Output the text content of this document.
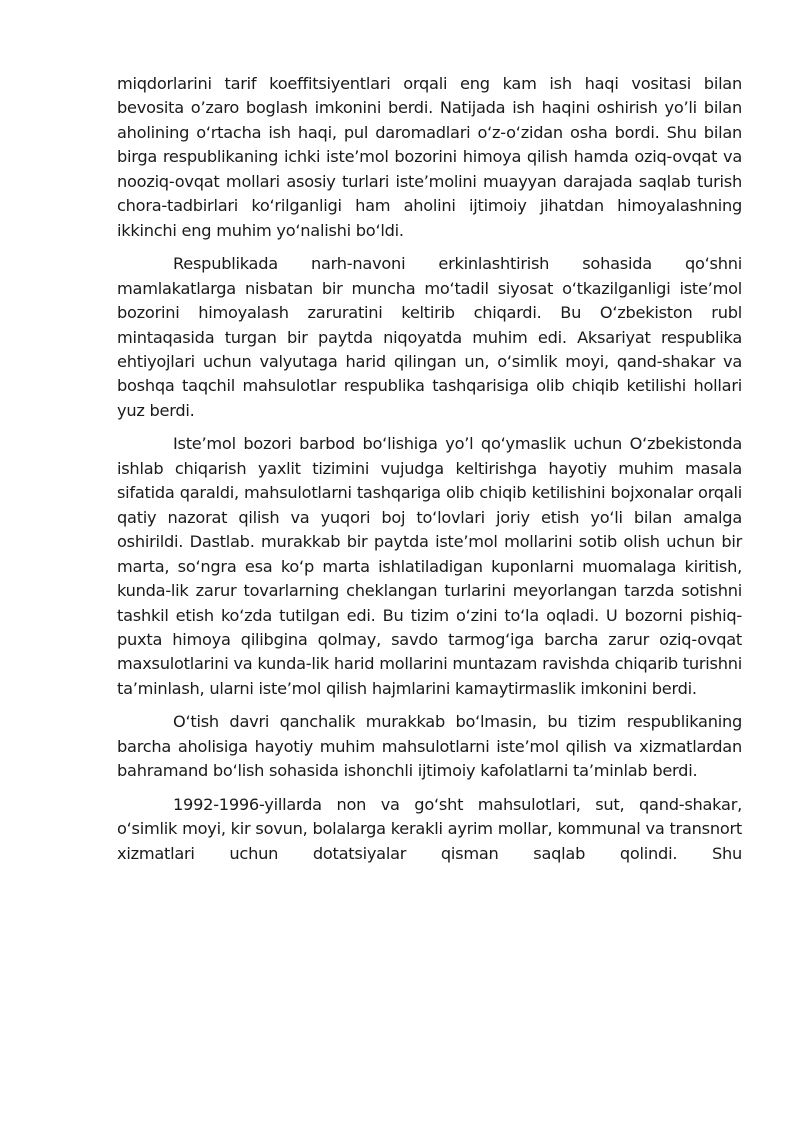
miqdorlarini tarif koeffitsiyentlari orqali eng kam ish haqi vositasi bilan bevosita o’zaro boglash imkonini berdi. Natijada ish haqini oshirish yo’li bilan aholining o‘rtacha ish haqi, pul daromadlari o‘z-o‘zidan osha bordi. Shu bilan birga respublikaning ichki iste’mol bozorini himoya qilish hamda oziq-ovqat va nooziq-ovqat mollari asosiy turlari iste’molini muayyan darajada saqlab turish chora-tadbirlari ko‘rilganligi ham aholini ijtimoiy jihatdan himoyalashning ikkinchi eng muhim yo‘nalishi bo‘ldi.

Respublikada narh-navoni erkinlashtirish sohasida qo‘shni mamlakatlarga nisbatan bir muncha mo‘tadil siyosat o‘tkazilganligi iste’mol bozorini himoyalash zaruratini keltirib chiqardi. Bu O‘zbekiston rubl mintaqasida turgan bir paytda niqoyatda muhim edi. Aksariyat respublika ehtiyojlari uchun valyutaga harid qilingan un, o‘simlik moyi, qand-shakar va boshqa taqchil mahsulotlar respublika tashqarisiga olib chiqib ketilishi hollari yuz berdi.

Iste’mol bozori barbod bo‘lishiga yo’l qo‘ymaslik uchun O‘zbekistonda ishlab chiqarish yaxlit tizimini vujudga keltirishga hayotiy muhim masala sifatida qaraldi, mahsulotlarni tashqariga olib chiqib ketilishini bojxonalar orqali qatiy nazorat qilish va yuqori boj to‘lovlari joriy etish yo‘li bilan amalga oshirildi. Dastlab. murakkab bir paytda iste’mol mollarini sotib olish uchun bir marta, so‘ngra esa ko‘p marta ishlatiladigan kuponlarni muomalaga kiritish, kunda-lik zarur tovarlarning cheklangan turlarini meyorlangan tarzda sotishni tashkil etish ko‘zda tutilgan edi. Bu tizim o‘zini to‘la oqladi. U bozorni pishiq-puxta himoya qilibgina qolmay, savdo tarmog‘iga barcha zarur oziq-ovqat maxsulotlarini va kunda-lik harid mollarini muntazam ravishda chiqarib turishni ta’minlash, ularni iste’mol qilish hajmlarini kamaytirmaslik imkonini berdi.

O‘tish davri qanchalik murakkab bo‘lmasin, bu tizim respublikaning barcha aholisiga hayotiy muhim mahsulotlarni iste’mol qilish va xizmatlardan bahramand bo‘lish sohasida ishonchli ijtimoiy kafolatlarni ta’minlab berdi.

1992-1996-yillarda non va go‘sht mahsulotlari, sut, qand-shakar, o‘simlik moyi, kir sovun, bolalarga kerakli ayrim mollar, kommunal va transnort xizmatlari uchun dotatsiyalar qisman saqlab qolindi. Shu
